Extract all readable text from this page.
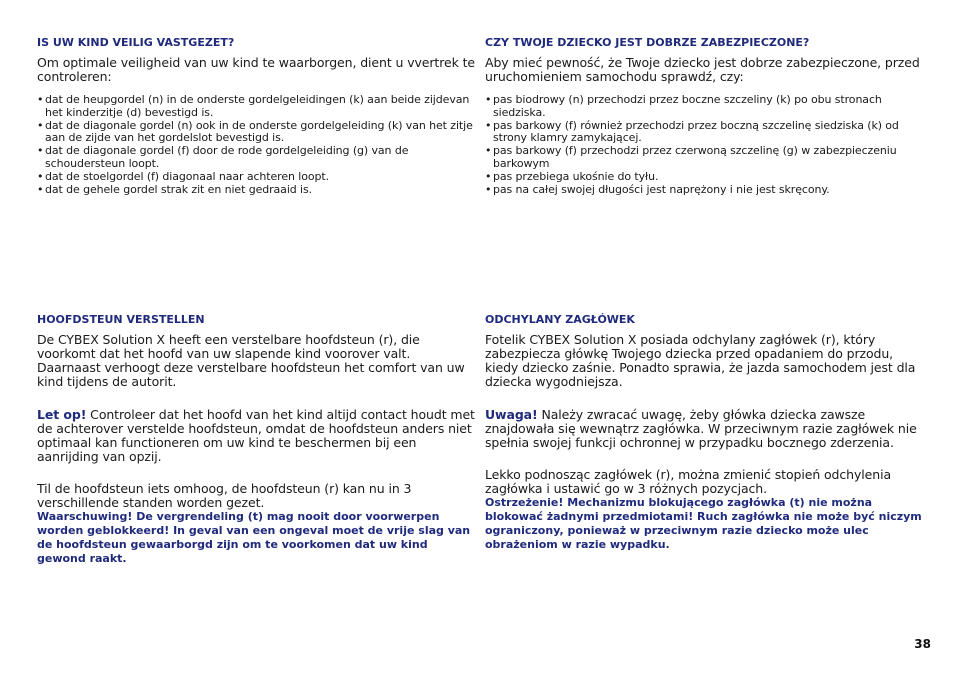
IS UW KIND VEILIG VASTGEZET?

Om optimale veiligheid van uw kind te waarborgen, dient u vvertrek te controleren:

• dat de heupgordel (n) in de onderste gordelgeleidingen (k) aan beide zijdevan het kinderzitje (d) bevestigd is.
• dat de diagonale gordel (n) ook in de onderste gordelgeleiding (k) van het zitje aan de zijde van het gordelslot bevestigd is.
• dat de diagonale gordel (f) door de rode gordelgeleiding (g) van de schoudersteun loopt.
• dat de stoelgordel (f) diagonaal naar achteren loopt.
• dat de gehele gordel strak zit en niet gedraaid is.
HOOFDSTEUN VERSTELLEN

De CYBEX Solution X heeft een verstelbare hoofdsteun (r), die voorkomt dat het hoofd van uw slapende kind voorover valt. Daarnaast verhoogt deze verstelbare hoofdsteun het comfort van uw kind tijdens de autorit.

Let op! Controleer dat het hoofd van het kind altijd contact houdt met de achterover verstelde hoofdsteun, omdat de hoofdsteun anders niet optimaal kan functioneren om uw kind te beschermen bij een aanrijding van opzij.

Til de hoofdsteun iets omhoog, de hoofdsteun (r) kan nu in 3 verschillende standen worden gezet.

Waarschuwing! De vergrendeling (t) mag nooit door voorwerpen worden geblokkeerd! In geval van een ongeval moet de vrije slag van de hoofdsteun gewaarborgd zijn om te voorkomen dat uw kind gewond raakt.

CZY TWOJE DZIECKO JEST DOBRZE ZABEZPIECZONE?

Aby mieć pewność, że Twoje dziecko jest dobrze zabezpieczone, przed uruchomieniem samochodu sprawdź, czy:

• pas biodrowy (n) przechodzi przez boczne szczeliny (k) po obu stronach siedziska.
• pas barkowy (f) również przechodzi przez boczną szczelinę siedziska (k) od strony klamry zamykającej.
• pas barkowy (f) przechodzi przez czerwoną szczelinę (g) w zabezpieczeniu barkowym
• pas przebiega ukośnie do tyłu.
• pas na całej swojej długości jest naprężony i nie jest skręcony.
ODCHYLANY ZAGŁÓWEK

Fotelik CYBEX Solution X posiada odchylany zagłówek (r), który zabezpiecza główkę Twojego dziecka przed opadaniem do przodu, kiedy dziecko zaśnie. Ponadto sprawia, że jazda samochodem jest dla dziecka wygodniejsza.

Uwaga! Należy zwracać uwagę, żeby główka dziecka zawsze znajdowała się wewnątrz zagłówka. W przeciwnym razie zagłówek nie spełnia swojej funkcji ochronnej w przypadku bocznego zderzenia.

Lekko podnosząc zagłówek (r), można zmienić stopień odchylenia zagłówka i ustawić go w 3 różnych pozycjach.

Ostrzeżenie! Mechanizmu blokującego zagłówka (t) nie można blokować żadnymi przedmiotami! Ruch zagłówka nie może być niczym ograniczony, ponieważ w przeciwnym razie dziecko może ulec obrażeniom w razie wypadku.

38
